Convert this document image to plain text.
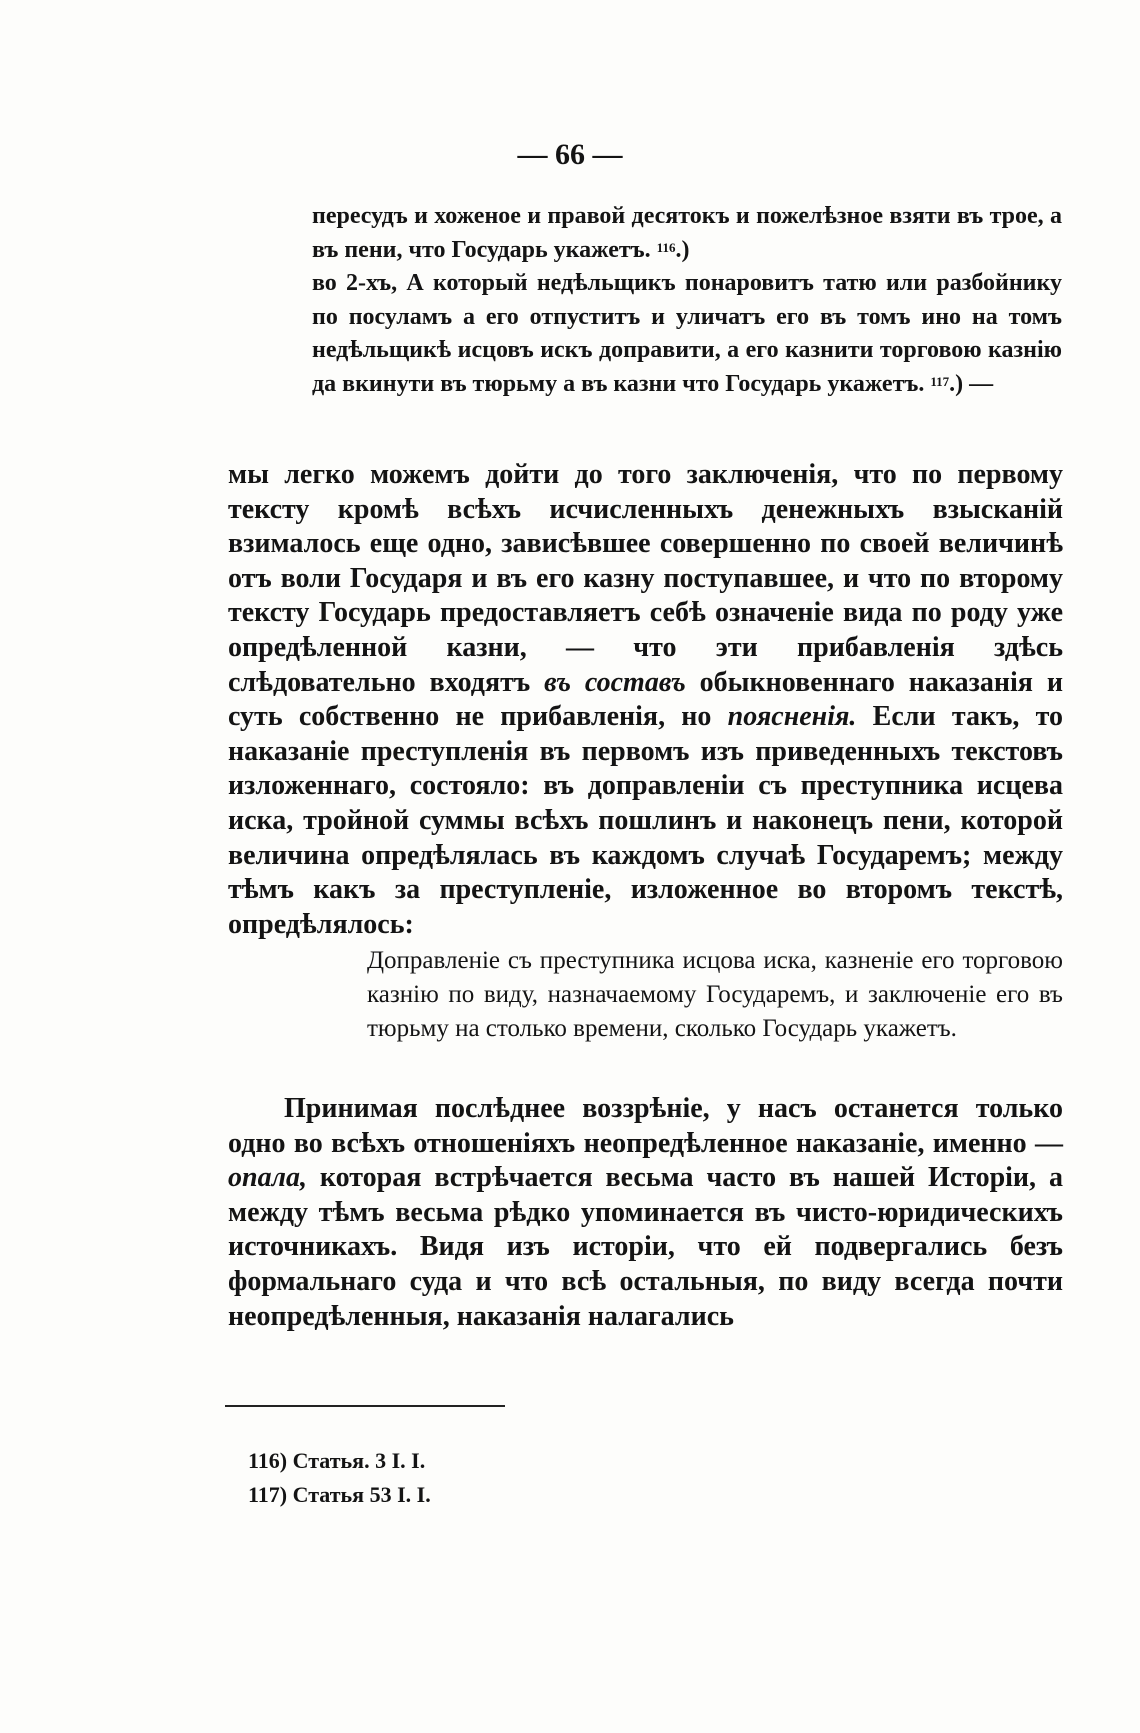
— 66 —

пересудъ и хоженое и правой десятокъ и пожелѣзное взяти въ трое, а въ пени, что Государь укажетъ. $^{116}$.)

во 2-хъ, А который недѣльщикъ понаровитъ татю или разбойнику по посуламъ а его отпуститъ и уличатъ его въ томъ ино на томъ недѣльщикѣ исцовъ искъ доправити, а его казнити торговою казнію да вкинути въ тюрьму а въ казни что Государь укажетъ. $^{117}$.) —

мы легко можемъ дойти до того заключенія, что по первому тексту кромѣ всѣхъ исчисленныхъ денежныхъ взысканій взималось еще одно, зависѣвшее совершенно по своей величинѣ отъ воли Государя и въ его казну поступавшее, и что по второму тексту Государь предоставляетъ себѣ означеніе вида по роду уже опредѣленной казни, — что эти прибавленія здѣсь слѣдовательно входятъ въ составъ обыкновеннаго наказанія и суть собственно не прибавленія, но поясненія. Если такъ, то наказаніе преступленія въ первомъ изъ приведенныхъ текстовъ изложеннаго, состояло: въ доправленіи съ преступника исцева иска, тройной суммы всѣхъ пошлинъ и наконецъ пени, которой величина опредѣлялась въ каждомъ случаѣ Государемъ; между тѣмъ какъ за преступленіе, изложенное во второмъ текстѣ, опредѣлялось:

Доправленіе съ преступника исцова иска, казненіе его торговою казнію по виду, назначаемому Государемъ, и заключеніе его въ тюрьму на столько времени, сколько Государь укажетъ.

Принимая послѣднее воззрѣніе, у насъ останется только одно во всѣхъ отношеніяхъ неопредѣленное наказаніе, именно — опала, которая встрѣчается весьма часто въ нашей Исторіи, а между тѣмъ весьма рѣдко упоминается въ чисто-юридическихъ источникахъ. Видя изъ исторіи, что ей подвергались безъ формальнаго суда и что всѣ остальныя, по виду всегда почти неопредѣленныя, наказанія налагались

116) Статья. 3 I. I.

117) Статья 53 I. I.
